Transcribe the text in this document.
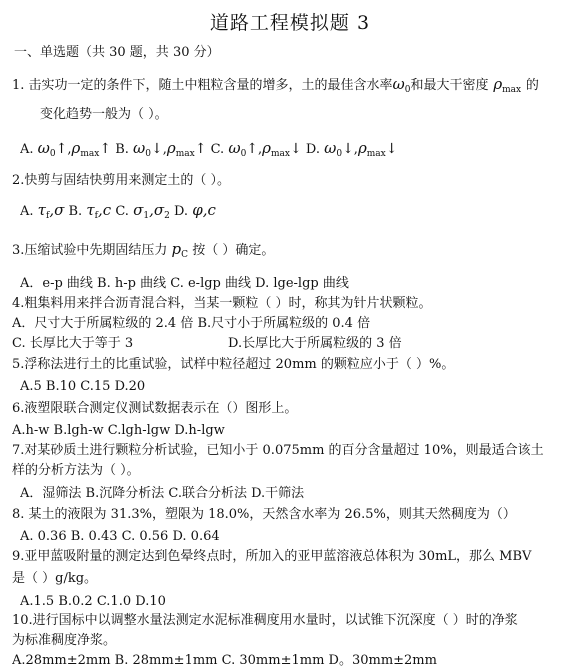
道路工程模拟题 3
一、单选题（共 30 题，共 30 分）
1. 击实功一定的条件下，随土中粗粒含量的增多，土的最佳含水率$\omega_0$和最大干密度 $\rho_{max}$ 的
变化趋势一般为（ ）。
A. $\omega_0↑,\rho_{max}↑$ B. $\omega_0↓,\rho_{max}↑$ C. $\omega_0↑,\rho_{max}↓$ D. $\omega_0↓,\rho_{max}↓$
2.快剪与固结快剪用来测定土的（ ）。
A. $\tau_f,\sigma$ B. $\tau_f,c$ C. $\sigma_1,\sigma_2$ D. φ,c
3.压缩试验中先期固结压力 $p_C$ 按（ ）确定。
A．e-p 曲线 B. h-p 曲线 C. e-lgp 曲线 D. lge-lgp 曲线
4.粗集料用来拌合沥青混合料，当某一颗粒（ ）时，称其为针片状颗粒。
A．尺寸大于所属粒级的 2.4 倍 B.尺寸小于所属粒级的 0.4 倍
C. 长厚比大于等于 3	D.长厚比大于所属粒级的 3 倍
5.浮称法进行土的比重试验，试样中粒径超过 20mm 的颗粒应小于（ ）%。
A.5 B.10 C.15 D.20
6.液塑限联合测定仪测试数据表示在（）图形上。
A.h-w B.lgh-w C.lgh-lgw D.h-lgw
7.对某砂质土进行颗粒分析试验，已知小于 0.075mm 的百分含量超过 10%，则最适合该土
样的分析方法为（ ）。
A．湿筛法 B.沉降分析法 C.联合分析法 D.干筛法
8. 某土的液限为 31.3%，塑限为 18.0%，天然含水率为 26.5%，则其天然稠度为（）
A. 0.36 B. 0.43 C. 0.56 D. 0.64
9.亚甲蓝吸附量的测定达到色晕终点时，所加入的亚甲蓝溶液总体积为 30mL，那么 MBV
是（ ）g/kg。
A.1.5 B.0.2 C.1.0 D.10
10.进行国标中以调整水量法测定水泥标准稠度用水量时，以试锥下沉深度（ ）时的净浆
为标准稠度净浆。
A.28mm±2mm B. 28mm±1mm C. 30mm±1mm D。30mm±2mm
